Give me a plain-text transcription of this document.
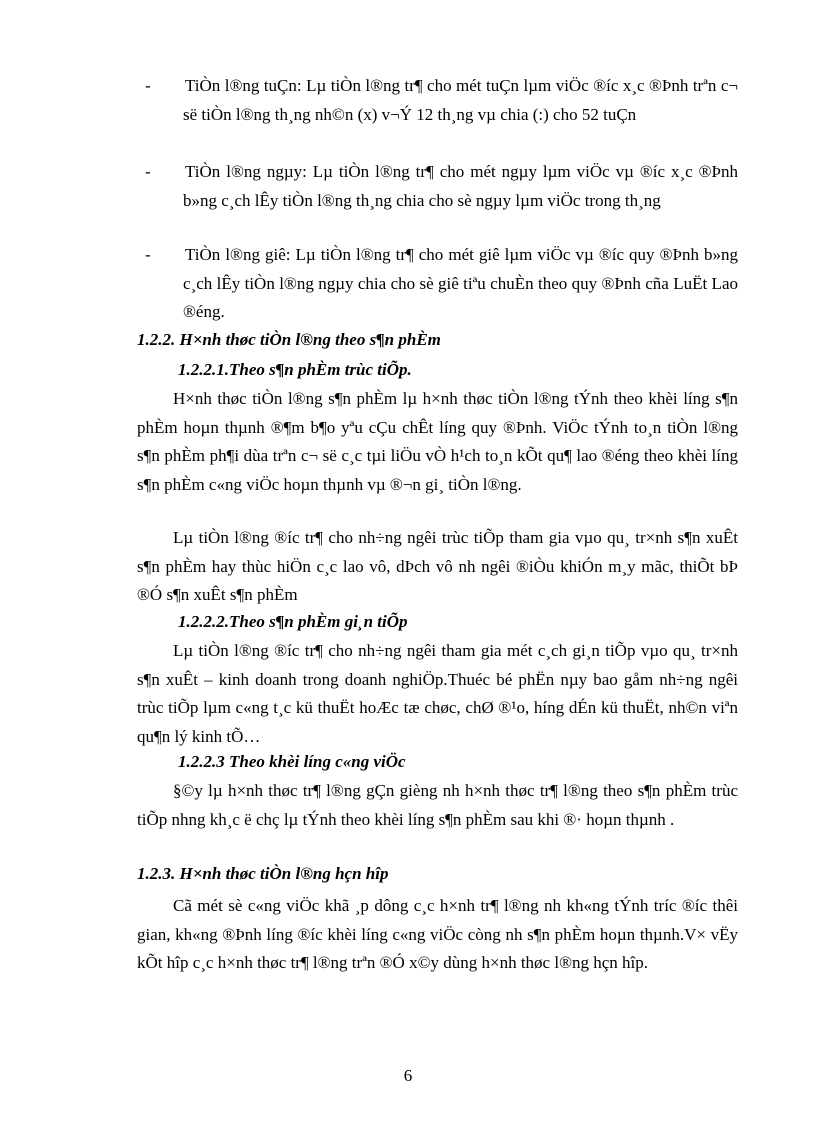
- TiÒn l®ng tuÇn: Lµ tiÒn l®ng tr¶ cho mét tuÇn lµm viÖc ®íc x¸c ®Þnh trªn c¬ së tiÒn l®ng th¸ng nh©n (x) v¬Ý 12 th¸ng vµ chia (:) cho 52 tuÇn
- TiÒn l®ng ngµy: Lµ tiÒn l®ng tr¶ cho mét ngµy lµm viÖc vµ ®íc x¸c ®Þnh b»ng c¸ch lÊy tiÒn l®ng th¸ng chia cho sè ngµy lµm viÖc trong th¸ng
- TiÒn l®ng giê: Lµ tiÒn l®ng tr¶ cho mét giê lµm viÖc vµ ®íc quy ®Þnh b»ng c¸ch lÊy tiÒn l®ng ngµy chia cho sè giê tiªu chuÈn theo quy ®Þnh cña LuËt Lao ®éng.
1.2.2. H×nh thøc tiÒn l®ng theo s¶n phÈm
1.2.2.1.Theo s¶n phÈm trùc tiÕp.
H×nh thøc tiÒn l®ng s¶n phÈm lµ h×nh thøc tiÒn l®ng tÝnh theo khèi líng s¶n phÈm hoµn thµnh ®¶m b¶o yªu cÇu chÊt líng quy ®Þnh. ViÖc tÝnh to¸n tiÒn l®ng s¶n phÈm ph¶i dùa trªn c¬ së c¸c tµi liÖu vÒ h¹ch to¸n kÕt qu¶ lao ®éng theo khèi líng s¶n phÈm c«ng viÖc hoµn thµnh vµ ®¬n gi¸ tiÒn l®ng.
Lµ tiÒn l®ng ®íc tr¶ cho nh÷ng ngêi trùc tiÕp tham gia vµo qu¸ tr×nh s¶n xuÊt s¶n phÈm hay thùc hiÖn c¸c lao vô, dÞch vô nh ngêi ®iÒu khiÓn m¸y mãc, thiÕt bÞ ®Ó s¶n xuÊt s¶n phÈm
1.2.2.2.Theo s¶n phÈm gi¸n tiÕp
Lµ tiÒn l®ng ®íc tr¶ cho nh÷ng ngêi tham gia mét c¸ch gi¸n tiÕp vµo qu¸ tr×nh s¶n xuÊt – kinh doanh trong doanh nghiÖp.Thuéc bé phËn nµy bao gåm nh÷ng ngêi trùc tiÕp lµm c«ng t¸c kü thuËt hoÆc tæ chøc, chØ ®¹o, híng dÉn kü thuËt, nh©n viªn qu¶n lý kinh tÕ…
1.2.2.3 Theo khèi líng c«ng viÖc
§©y lµ h×nh thøc tr¶ l®ng gÇn gièng nh h×nh thøc tr¶ l®ng theo s¶n phÈm trùc tiÕp nhng kh¸c ë chç lµ tÝnh theo khèi líng s¶n phÈm sau khi ®· hoµn thµnh .
1.2.3. H×nh thøc tiÒn l®ng hçn hîp
Cã mét sè c«ng viÖc khã ¸p dông c¸c h×nh tr¶ l®ng nh kh«ng tÝnh tríc ®íc thêi gian, kh«ng ®Þnh líng ®íc khèi líng c«ng viÖc còng nh s¶n phÈm hoµn thµnh.V× vËy kÕt hîp c¸c h×nh thøc tr¶ l®ng trªn ®Ó x©y dùng h×nh thøc l®ng hçn hîp.
6
